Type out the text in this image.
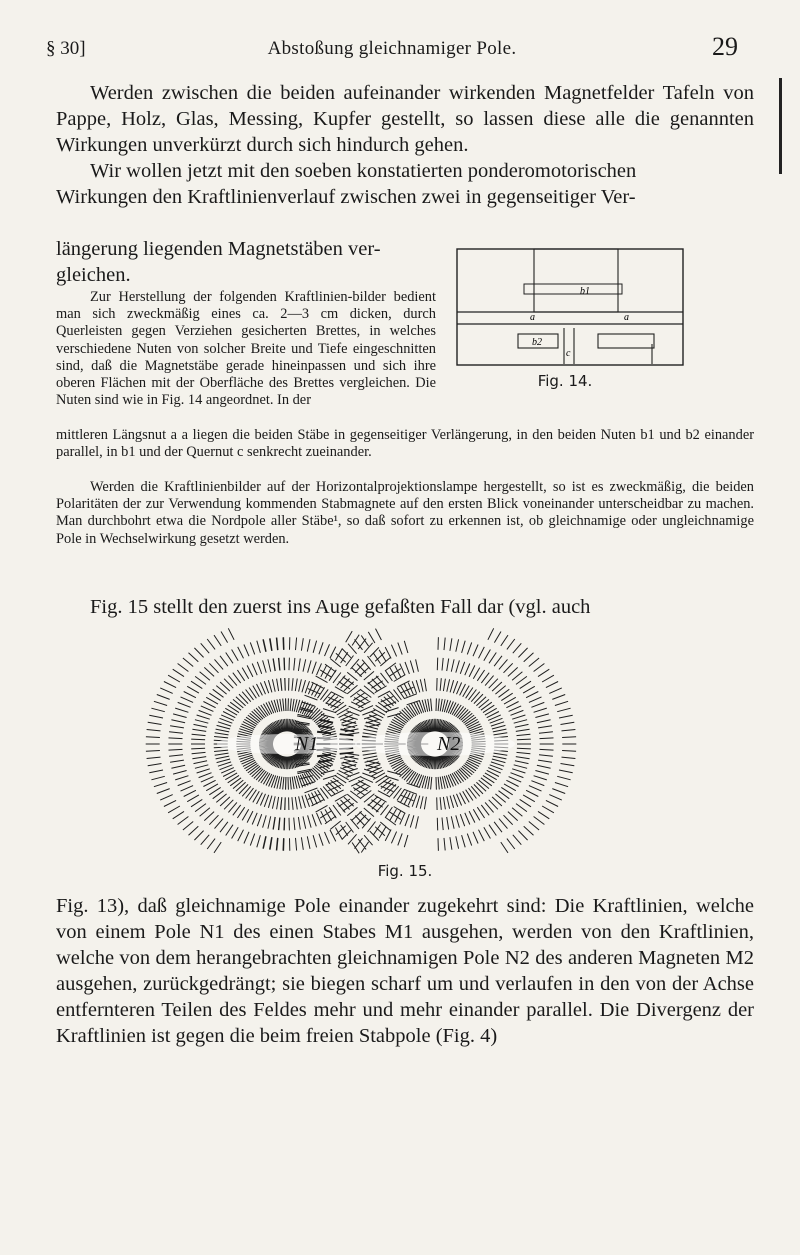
§ 30]	Abstoßung gleichnamiger Pole.	29

Werden zwischen die beiden aufeinander wirkenden Magnetfelder Tafeln von Pappe, Holz, Glas, Messing, Kupfer gestellt, so lassen diese alle die genannten Wirkungen unverkürzt durch sich hindurch gehen.

Wir wollen jetzt mit den soeben konstatierten ponderomotorischen

Wirkungen den Kraftlinienverlauf zwischen zwei in gegenseitiger Ver-

längerung liegenden Magnetstäben ver-

gleichen.

Zur Herstellung der folgenden Kraftlinien-bilder bedient man sich zweckmäßig eines ca. 2—3 cm dicken, durch Querleisten gegen Verziehen gesicherten Brettes, in welches verschiedene Nuten von solcher Breite und Tiefe eingeschnitten sind, daß die Magnetstäbe gerade hineinpassen und sich ihre oberen Flächen mit der Oberfläche des Brettes vergleichen. Die Nuten sind wie in Fig. 14 angeordnet. In der

b1
a	a
b2
c
Fig. 14.

mittleren Längsnut a a liegen die beiden Stäbe in gegenseitiger Verlängerung, in den beiden Nuten b1 und b2 einander parallel, in b1 und der Quernut c senkrecht zueinander.

Werden die Kraftlinienbilder auf der Horizontalprojektionslampe hergestellt, so ist es zweckmäßig, die beiden Polaritäten der zur Verwendung kommenden Stabmagnete auf den ersten Blick voneinander unterscheidbar zu machen. Man durchbohrt etwa die Nordpole aller Stäbe¹, so daß sofort zu erkennen ist, ob gleichnamige oder ungleichnamige Pole in Wechselwirkung gesetzt werden.

Fig. 15 stellt den zuerst ins Auge gefaßten Fall dar (vgl. auch

N1	N2
Fig. 15.

Fig. 13), daß gleichnamige Pole einander zugekehrt sind: Die Kraftlinien, welche von einem Pole N1 des einen Stabes M1 ausgehen, werden von den Kraftlinien, welche von dem herangebrachten gleichnamigen Pole N2 des anderen Magneten M2 ausgehen, zurückgedrängt; sie biegen scharf um und verlaufen in den von der Achse entfernteren Teilen des Feldes mehr und mehr einander parallel. Die Divergenz der Kraftlinien ist gegen die beim freien Stabpole (Fig. 4)
